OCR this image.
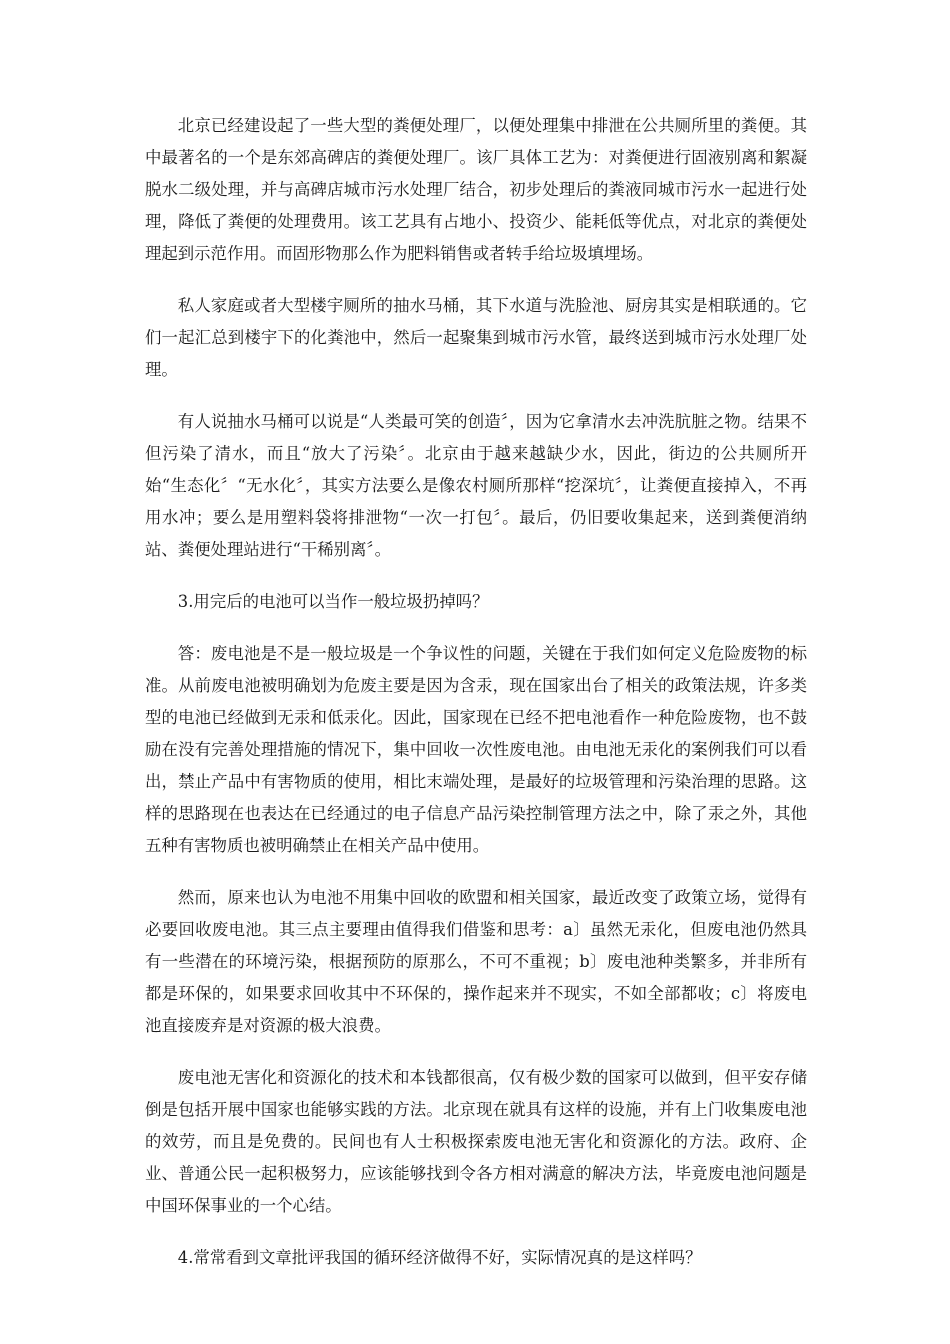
北京已经建设起了一些大型的粪便处理厂，以便处理集中排泄在公共厕所里的粪便。其中最著名的一个是东郊高碑店的粪便处理厂。该厂具体工艺为：对粪便进行固液别离和絮凝脱水二级处理，并与高碑店城市污水处理厂结合，初步处理后的粪液同城市污水一起进行处理，降低了粪便的处理费用。该工艺具有占地小、投资少、能耗低等优点，对北京的粪便处理起到示范作用。而固形物那么作为肥料销售或者转手给垃圾填埋场。

私人家庭或者大型楼宇厕所的抽水马桶，其下水道与洗脸池、厨房其实是相联通的。它们一起汇总到楼宇下的化粪池中，然后一起聚集到城市污水管，最终送到城市污水处理厂处理。

有人说抽水马桶可以说是“人类最可笑的创造〞，因为它拿清水去冲洗肮脏之物。结果不但污染了清水，而且“放大了污染〞。北京由于越来越缺少水，因此，街边的公共厕所开始“生态化〞“无水化〞，其实方法要么是像农村厕所那样“挖深坑〞，让粪便直接掉入，不再用水冲；要么是用塑料袋将排泄物“一次一打包〞。最后，仍旧要收集起来，送到粪便消纳站、粪便处理站进行“干稀别离〞。

3.用完后的电池可以当作一般垃圾扔掉吗？

答：废电池是不是一般垃圾是一个争议性的问题，关键在于我们如何定义危险废物的标准。从前废电池被明确划为危废主要是因为含汞，现在国家出台了相关的政策法规，许多类型的电池已经做到无汞和低汞化。因此，国家现在已经不把电池看作一种危险废物，也不鼓励在没有完善处理措施的情况下，集中回收一次性废电池。由电池无汞化的案例我们可以看出，禁止产品中有害物质的使用，相比末端处理，是最好的垃圾管理和污染治理的思路。这样的思路现在也表达在已经通过的电子信息产品污染控制管理方法之中，除了汞之外，其他五种有害物质也被明确禁止在相关产品中使用。

然而，原来也认为电池不用集中回收的欧盟和相关国家，最近改变了政策立场，觉得有必要回收废电池。其三点主要理由值得我们借鉴和思考：a〕虽然无汞化，但废电池仍然具有一些潜在的环境污染，根据预防的原那么，不可不重视；b〕废电池种类繁多，并非所有都是环保的，如果要求回收其中不环保的，操作起来并不现实，不如全部都收；c〕将废电池直接废弃是对资源的极大浪费。

废电池无害化和资源化的技术和本钱都很高，仅有极少数的国家可以做到，但平安存储倒是包括开展中国家也能够实践的方法。北京现在就具有这样的设施，并有上门收集废电池的效劳，而且是免费的。民间也有人士积极探索废电池无害化和资源化的方法。政府、企业、普通公民一起积极努力，应该能够找到令各方相对满意的解决方法，毕竟废电池问题是中国环保事业的一个心结。

4.常常看到文章批评我国的循环经济做得不好，实际情况真的是这样吗？
